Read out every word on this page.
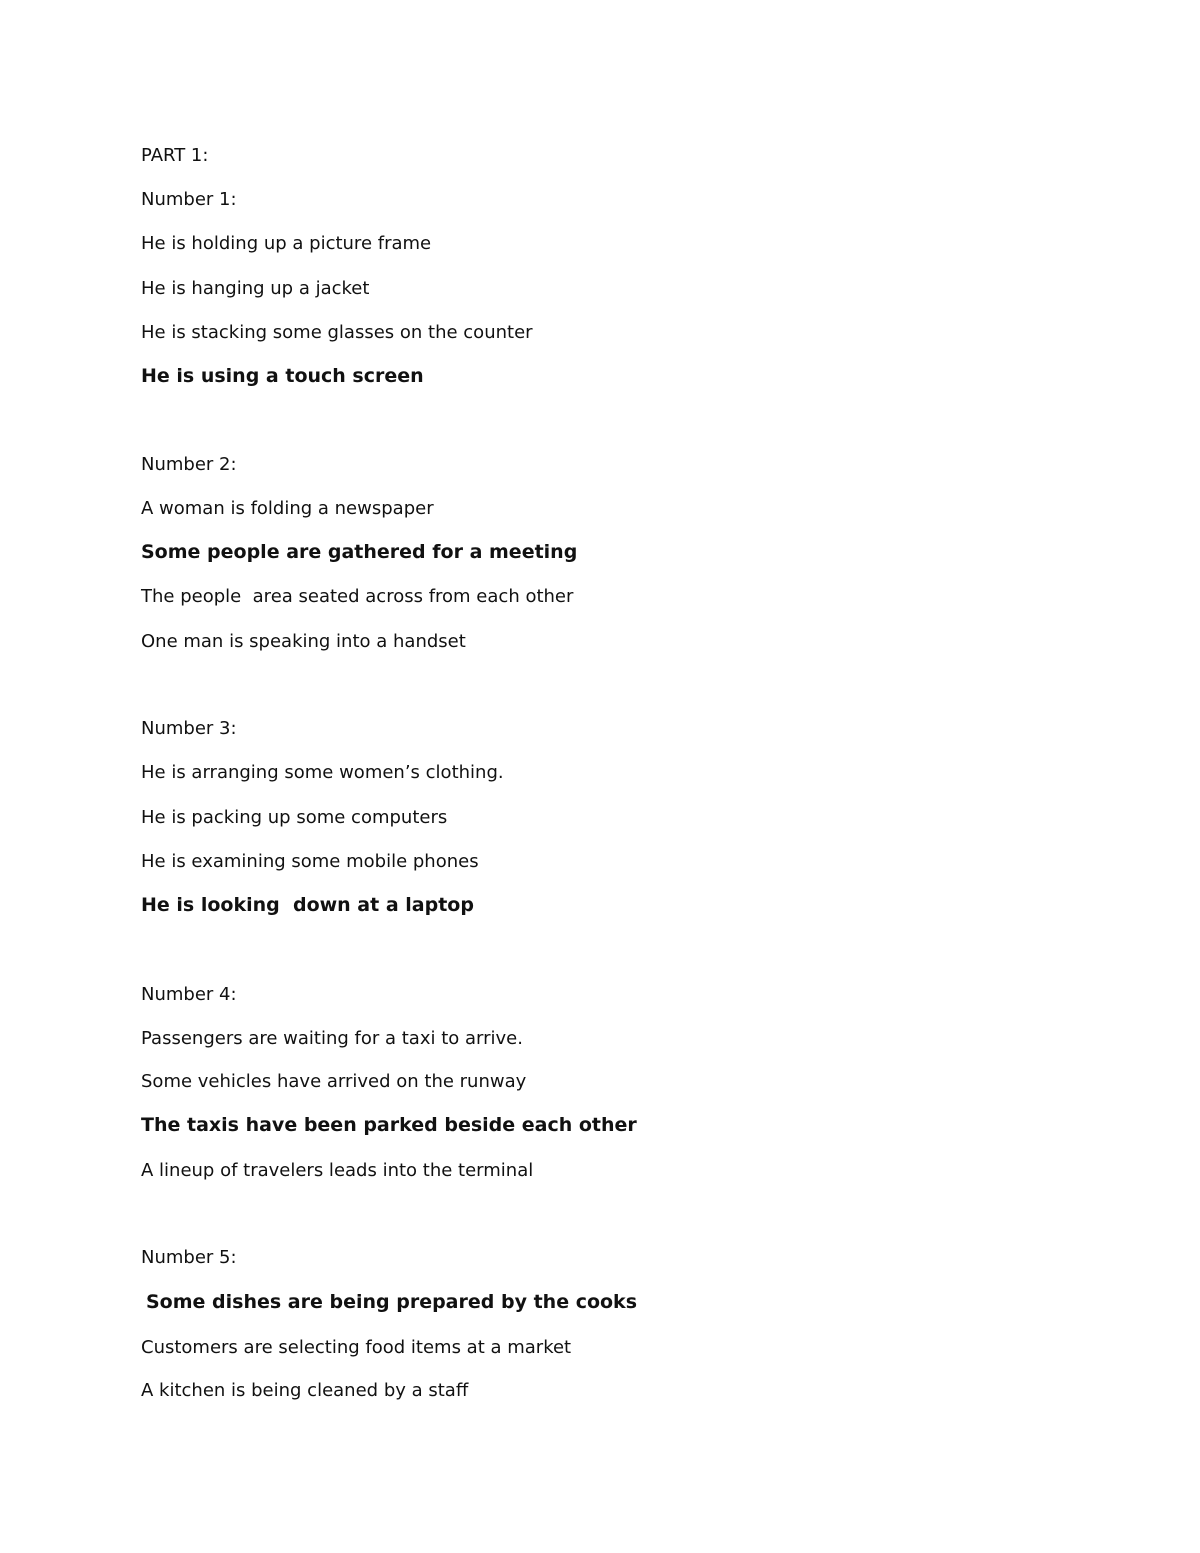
PART 1:
Number 1:
He is holding up a picture frame
He is hanging up a jacket
He is stacking some glasses on the counter
He is using a touch screen
Number 2:
A woman is folding a newspaper
Some people are gathered for a meeting
The people  area seated across from each other
One man is speaking into a handset
Number 3:
He is arranging some women’s clothing.
He is packing up some computers
He is examining some mobile phones
He is looking  down at a laptop
Number 4:
Passengers are waiting for a taxi to arrive.
Some vehicles have arrived on the runway
The taxis have been parked beside each other
A lineup of travelers leads into the terminal
Number 5:
Some dishes are being prepared by the cooks
Customers are selecting food items at a market
A kitchen is being cleaned by a staff
